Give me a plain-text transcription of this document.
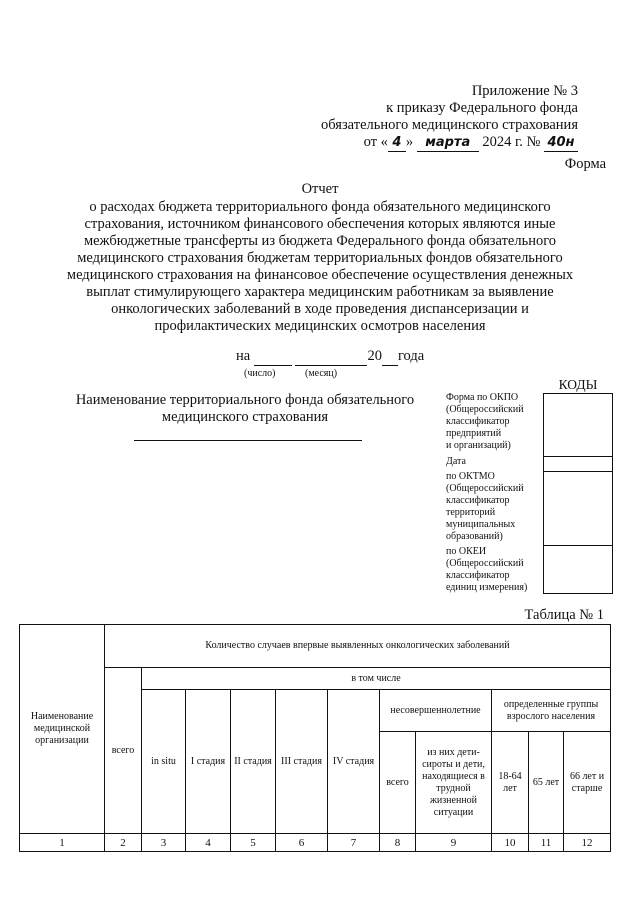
Приложение № 3
к приказу Федерального фонда
обязательного медицинского страхования
от « 4 » марта 2024 г. № 40н
Форма
Отчет
о расходах бюджета территориального фонда обязательного медицинского
страхования, источником финансового обеспечения которых являются иные
межбюджетные трансферты из бюджета Федерального фонда обязательного
медицинского страхования бюджетам территориальных фондов обязательного
медицинского страхования на финансовое обеспечение осуществления денежных
выплат стимулирующего характера медицинским работникам за выявление
онкологических заболеваний в ходе проведения диспансеризации и
профилактических медицинских осмотров населения
на	20 года
(число)	(месяц)
Наименование территориального фонда обязательного
медицинского страхования
Форма по ОКПО
(Общероссийский
классификатор
предприятий
и организаций)
Дата
по ОКТМО
(Общероссийский
классификатор
территорий
муниципальных
образований)
по ОКЕИ
(Общероссийский
классификатор
единиц измерения)
КОДЫ

Таблица № 1
Наименование медицинской организации	Количество случаев впервые выявленных онкологических заболеваний										
	всего	в том числе									
		in situ	I стадия	II стадия	III стадия	IV стадия	несовершеннолетние		определенные группы взрослого населения		
							всего	из них дети-сироты и дети, находящиеся в трудной жизненной ситуации	18-64 лет	65 лет	66 лет и старше
1	2	3	4	5	6	7	8	9	10	11	12
